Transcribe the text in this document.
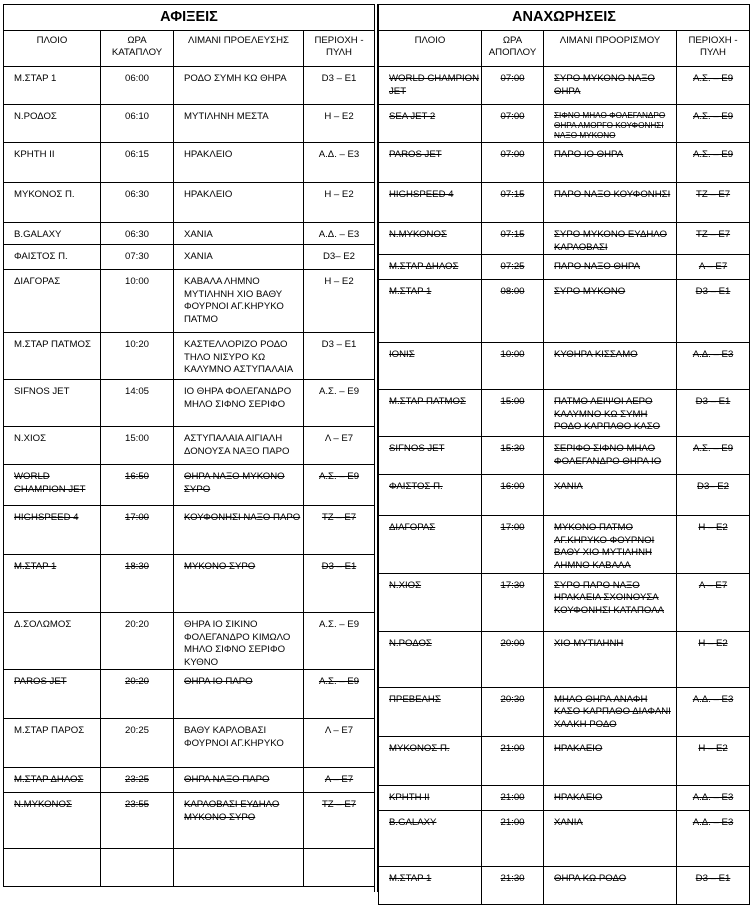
ΑΦΙΞΕΙΣ			
ΠΛΟΙΟ	ΩΡΑ
ΚΑΤΑΠΛΟΥ	ΛΙΜΑΝΙ ΠΡΟΕΛΕΥΣΗΣ	ΠΕΡΙΟΧΗ -
ΠΥΛΗ
Μ.ΣΤΑΡ 1	06:00	ΡΟΔΟ ΣΥΜΗ ΚΩ ΘΗΡΑ	D3 – E1
Ν.ΡΟΔΟΣ	06:10	ΜΥΤΙΛΗΝΗ ΜΕΣΤΑ	Η – Ε2
ΚΡΗΤΗ ΙΙ	06:15	ΗΡΑΚΛΕΙΟ	Α.Δ. – Ε3
ΜΥΚΟΝΟΣ Π.	06:30	ΗΡΑΚΛΕΙΟ	Η – Ε2
B.GALAXY	06:30	ΧΑΝΙΑ	Α.Δ. – Ε3
ΦΑΙΣΤΟΣ Π.	07:30	ΧΑΝΙΑ	D3– E2
ΔΙΑΓΟΡΑΣ	10:00	ΚΑΒΑΛΑ ΛΗΜΝΟ ΜΥΤΙΛΗΝΗ ΧΙΟ ΒΑΘΥ ΦΟΥΡΝΟΙ ΑΓ.ΚΗΡΥΚΟ ΠΑΤΜΟ	Η – Ε2
Μ.ΣΤΑΡ ΠΑΤΜΟΣ	10:20	ΚΑΣΤΕΛΛΟΡΙΖΟ ΡΟΔΟ ΤΗΛΟ ΝΙΣΥΡΟ ΚΩ ΚΑΛΥΜΝΟ ΑΣΤΥΠΑΛΑΙΑ	D3 – E1
SIFNOS JET	14:05	ΙΟ ΘΗΡΑ ΦΟΛΕΓΑΝΔΡΟ ΜΗΛΟ ΣΙΦΝΟ ΣΕΡΙΦΟ	Α.Σ. – Ε9
Ν.ΧΙΟΣ	15:00	ΑΣΤΥΠΑΛΑΙΑ ΑΙΓΙΑΛΗ ΔΟΝΟΥΣΑ ΝΑΞΟ ΠΑΡΟ	Λ – Ε7
WORLD CHAMPION JET	16:50	ΘΗΡΑ ΝΑΞΟ ΜΥΚΟΝΟ ΣΥΡΟ	Α.Σ. – Ε9
HIGHSPEED 4	17:00	ΚΟΥΦΟΝΗΣΙ ΝΑΞΟ ΠΑΡΟ	ΤΖ – Ε7
Μ.ΣΤΑΡ 1	18:30	ΜΥΚΟΝΟ ΣΥΡΟ	D3 – E1
Δ.ΣΟΛΩΜΟΣ	20:20	ΘΗΡΑ ΙΟ ΣΙΚΙΝΟ ΦΟΛΕΓΑΝΔΡΟ ΚΙΜΩΛΟ ΜΗΛΟ ΣΙΦΝΟ ΣΕΡΙΦΟ ΚΥΘΝΟ	Α.Σ. – Ε9
PAROS JET	20:20	ΘΗΡΑ ΙΟ ΠΑΡΟ	Α.Σ. – Ε9
Μ.ΣΤΑΡ ΠΑΡΟΣ	20:25	ΒΑΘΥ ΚΑΡΛΟΒΑΣΙ ΦΟΥΡΝΟΙ ΑΓ.ΚΗΡΥΚΟ	Λ – Ε7
Μ.ΣΤΑΡ ΔΗΛΟΣ	23:25	ΘΗΡΑ ΝΑΞΟ ΠΑΡΟ	Λ – Ε7
Ν.ΜΥΚΟΝΟΣ	23:55	ΚΑΡΛΟΒΑΣΙ ΕΥΔΗΛΟ ΜΥΚΟΝΟ ΣΥΡΟ	ΤΖ – Ε7

ΑΝΑΧΩΡΗΣΕΙΣ			
ΠΛΟΙΟ	ΩΡΑ
ΑΠΟΠΛΟΥ	ΛΙΜΑΝΙ ΠΡΟΟΡΙΣΜΟΥ	ΠΕΡΙΟΧΗ -
ΠΥΛΗ
WORLD CHAMPION JET	07:00	ΣΥΡΟ ΜΥΚΟΝΟ ΝΑΞΟ ΘΗΡΑ	Α.Σ. – Ε9
SEA JET 2	07:00	ΣΙΦΝΟ ΜΗΛΟ ΦΟΛΕΓΑΝΔΡΟ ΘΗΡΑ ΑΜΟΡΓΟ ΚΟΥΦΟΝΗΣΙ ΝΑΞΟ ΜΥΚΟΝΟ	Α.Σ. – Ε9
PAROS JET	07:00	ΠΑΡΟ ΙΟ ΘΗΡΑ	Α.Σ. – Ε9
HIGHSPEED 4	07:15	ΠΑΡΟ ΝΑΞΟ ΚΟΥΦΟΝΗΣΙ	ΤΖ – Ε7
Ν.ΜΥΚΟΝΟΣ	07:15	ΣΥΡΟ ΜΥΚΟΝΟ ΕΥΔΗΛΟ ΚΑΡΛΟΒΑΣΙ	ΤΖ – Ε7
Μ.ΣΤΑΡ ΔΗΛΟΣ	07:25	ΠΑΡΟ ΝΑΞΟ ΘΗΡΑ	Λ – Ε7
Μ.ΣΤΑΡ 1	08:00	ΣΥΡΟ ΜΥΚΟΝΟ	D3 – E1
ΙΟΝΙΣ	10:00	ΚΥΘΗΡΑ ΚΙΣΣΑΜΟ	Α.Δ. – Ε3
Μ.ΣΤΑΡ ΠΑΤΜΟΣ	15:00	ΠΑΤΜΟ ΛΕΙΨΟΙ ΛΕΡΟ ΚΑΛΥΜΝΟ ΚΩ ΣΥΜΗ ΡΟΔΟ ΚΑΡΠΑΘΟ ΚΑΣΟ	D3 – E1
SIFNOS JET	15:30	ΣΕΡΙΦΟ ΣΙΦΝΟ ΜΗΛΟ ΦΟΛΕΓΑΝΔΡΟ ΘΗΡΑ ΙΟ	Α.Σ. – Ε9
ΦΑΙΣΤΟΣ Π.	16:00	ΧΑΝΙΑ	D3– E2
ΔΙΑΓΟΡΑΣ	17:00	ΜΥΚΟΝΟ ΠΑΤΜΟ ΑΓ.ΚΗΡΥΚΟ ΦΟΥΡΝΟΙ ΒΑΘΥ ΧΙΟ ΜΥΤΙΛΗΝΗ ΛΗΜΝΟ ΚΑΒΑΛΑ	Η – Ε2
Ν.ΧΙΟΣ	17:30	ΣΥΡΟ ΠΑΡΟ ΝΑΞΟ ΗΡΑΚΛΕΙΑ ΣΧΟΙΝΟΥΣΑ ΚΟΥΦΟΝΗΣΙ ΚΑΤΑΠΟΛΑ	Λ – Ε7
Ν.ΡΟΔΟΣ	20:00	ΧΙΟ ΜΥΤΙΛΗΝΗ	Η – Ε2
ΠΡΕΒΕΛΗΣ	20:30	ΜΗΛΟ ΘΗΡΑ ΑΝΑΦΗ ΚΑΣΟ ΚΑΡΠΑΘΟ ΔΙΑΦΑΝΙ ΧΑΛΚΗ ΡΟΔΟ	Α.Δ. – Ε3
ΜΥΚΟΝΟΣ Π.	21:00	ΗΡΑΚΛΕΙΟ	Η – Ε2
ΚΡΗΤΗ ΙΙ	21:00	ΗΡΑΚΛΕΙΟ	Α.Δ. – Ε3
B.GALAXY	21:00	ΧΑΝΙΑ	Α.Δ. – Ε3
Μ.ΣΤΑΡ 1	21:30	ΘΗΡΑ ΚΩ ΡΟΔΟ	D3 – E1
